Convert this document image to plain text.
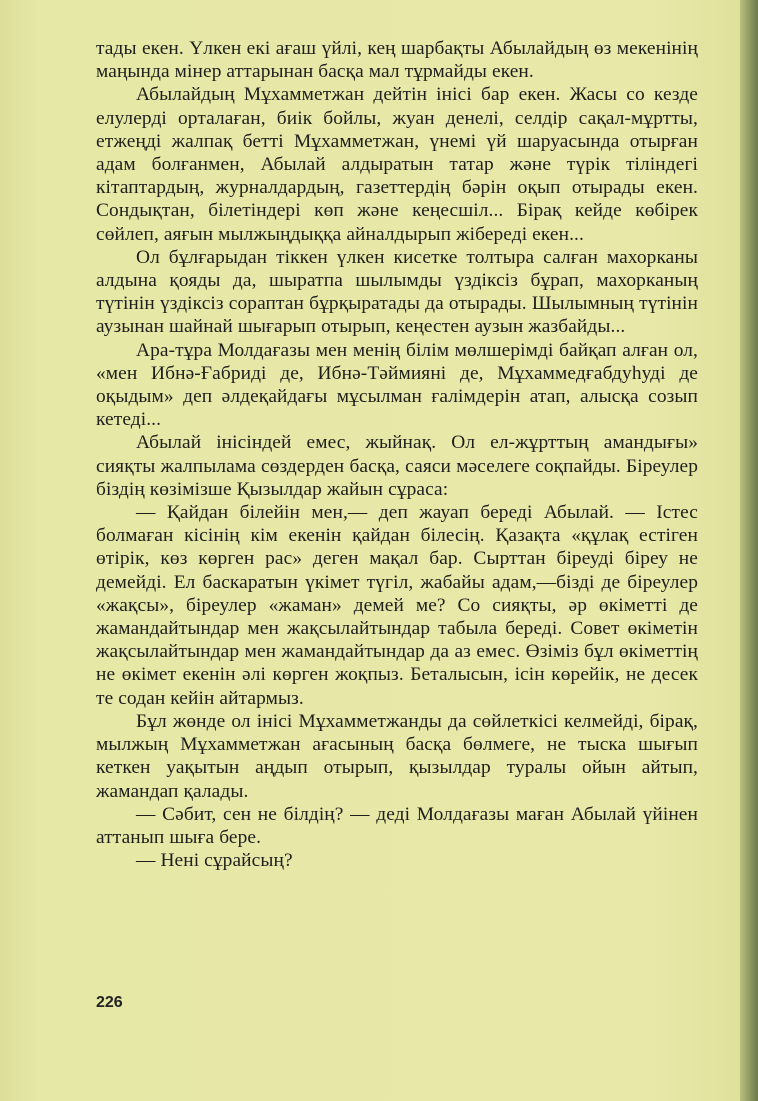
тады екен. Үлкен екі ағаш үйлі, кең шарбақты Абылайдың өз мекенінің маңында мінер аттарынан басқа мал тұрмайды екен.

Абылайдың Мұхамметжан дейтін інісі бар екен. Жасы со кезде елулерді орталаған, биік бойлы, жуан денелі, селдір сақал-мұртты, етжеңді жалпақ бетті Мұхамметжан, үнемі үй шаруасында отырған адам болғанмен, Абылай алдыратын татар және түрік тіліндегі кітаптардың, журналдардың, газеттердің бәрін оқып отырады екен. Сондықтан, білетіндері көп және кеңесшіл... Бірақ кейде көбірек сөйлеп, аяғын мылжыңдыққа айналдырып жібереді екен...

Ол бұлғарыдан тіккен үлкен кисетке толтыра салған махорканы алдына қояды да, шыратпа шылымды үздіксіз бұрап, махорканың түтінін үздіксіз сораптан бұрқыратады да отырады. Шылымның түтінін аузынан шайнай шығарып отырып, кеңестен аузын жазбайды...

Ара-тұра Молдағазы мен менің білім мөлшерімді байқап алған ол, «мен Ибнә-Ғабриді де, Ибнә-Тәймияні де, Мұхаммедғабдуһуді де оқыдым» деп әлдеқайдағы мұсылман ғалімдерін атап, алысқа созып кетеді...

Абылай інісіндей емес, жыйнақ. Ол ел-жұрттың амандығы» сияқты жалпылама сөздерден басқа, саяси мәселеге соқпайды. Біреулер біздің көзімізше Қызылдар жайын сұраса:

— Қайдан білейін мен,— деп жауап береді Абылай. — Істес болмаған кісінің кім екенін қайдан білесің. Қазақта «құлақ естіген өтірік, көз көрген рас» деген мақал бар. Сырттан біреуді біреу не демейді. Ел баскаратын үкімет түгіл, жабайы адам,—бізді де біреулер «жақсы», біреулер «жаман» демей ме? Со сияқты, әр өкіметті де жамандайтындар мен жақсылайтындар табыла береді. Совет өкіметін жақсылайтындар мен жамандайтындар да аз емес. Өзіміз бұл өкіметтің не өкімет екенін әлі көрген жоқпыз. Беталысын, ісін көрейік, не десек те содан кейін айтармыз.

Бұл жөнде ол інісі Мұхамметжанды да сөйлеткісі келмейді, бірақ, мылжың Мұхамметжан ағасының басқа бөлмеге, не тыска шығып кеткен уақытын аңдып отырып, қызылдар туралы ойын айтып, жамандап қалады.

— Сәбит, сен не білдің? — деді Молдағазы маған Абылай үйінен аттанып шыға бере.

— Нені сұрайсың?

226
